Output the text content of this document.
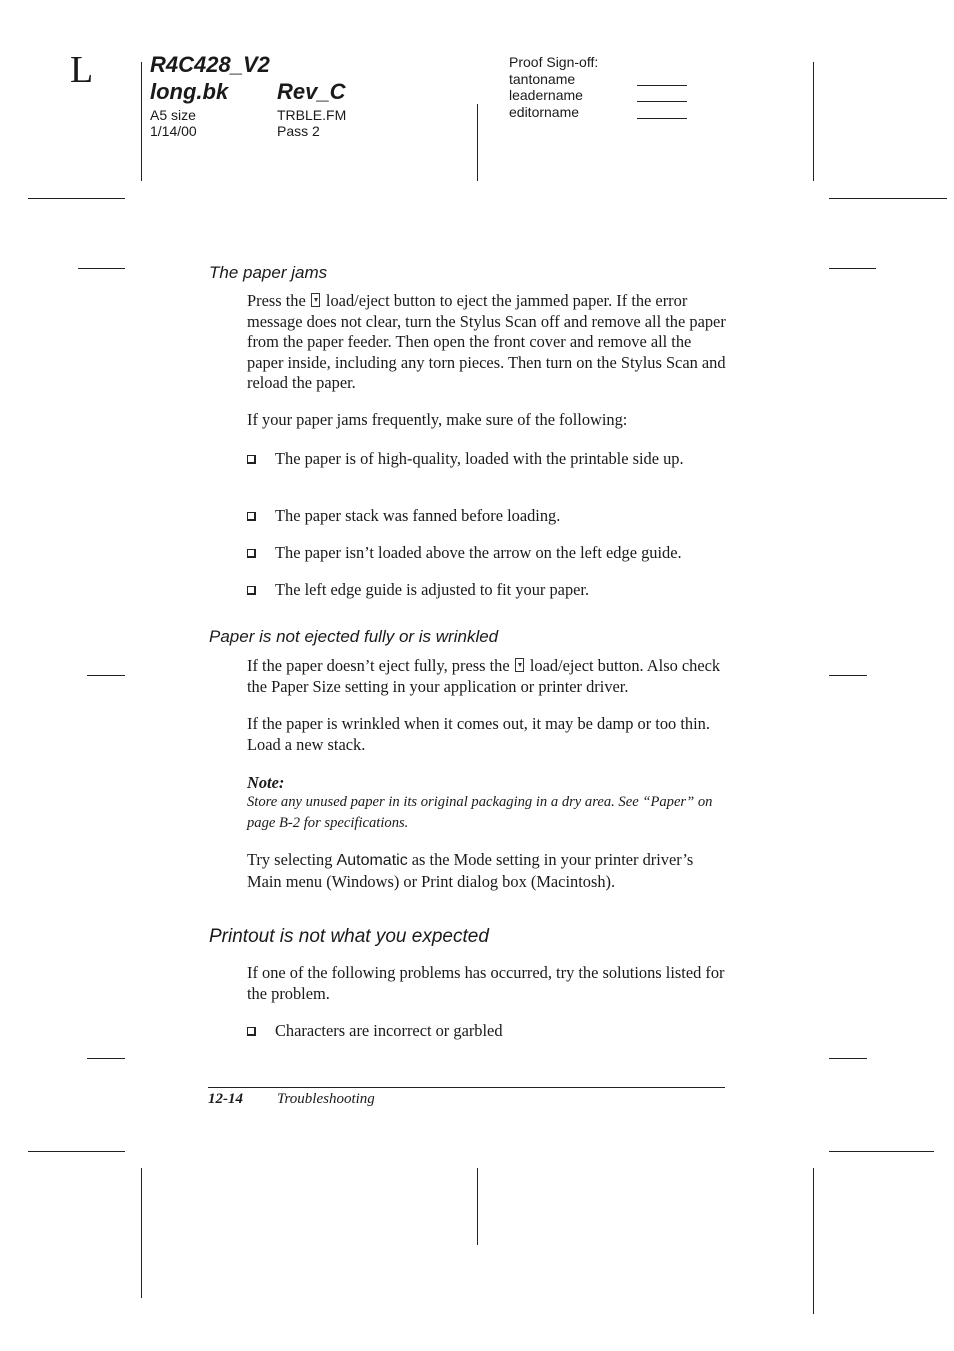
L	R4C428_V2
long.bk Rev_C
A5 size
1/14/00
TRBLE.FM
Pass 2
Proof Sign-off:
tantoname
leadername
editorname
The paper jams
Press the  load/eject button to eject the jammed paper. If the error message does not clear, turn the Stylus Scan off and remove all the paper from the paper feeder. Then open the front cover and remove all the paper inside, including any torn pieces. Then turn on the Stylus Scan and reload the paper.
If your paper jams frequently, make sure of the following:
The paper is of high-quality, loaded with the printable side up.
The paper stack was fanned before loading.
The paper isn’t loaded above the arrow on the left edge guide.
The left edge guide is adjusted to fit your paper.
Paper is not ejected fully or is wrinkled
If the paper doesn’t eject fully, press the  load/eject button. Also check the Paper Size setting in your application or printer driver.
If the paper is wrinkled when it comes out, it may be damp or too thin. Load a new stack.
Note:
Store any unused paper in its original packaging in a dry area. See “Paper” on page B-2 for specifications.
Try selecting Automatic as the Mode setting in your printer driver’s Main menu (Windows) or Print dialog box (Macintosh).
Printout is not what you expected
If one of the following problems has occurred, try the solutions listed for the problem.
Characters are incorrect or garbled
12-14 Troubleshooting
